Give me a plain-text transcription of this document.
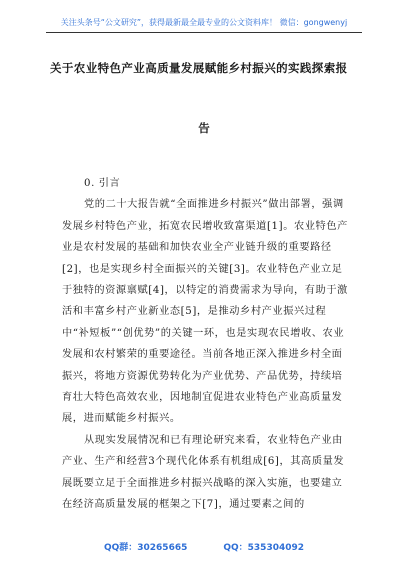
关注头条号“公文研究”，获得最新最全最专业的公文资料库！ 微信：gongwenyj
关于农业特色产业高质量发展赋能乡村振兴的实践探索报
告

0. 引言

党的二十大报告就“全面推进乡村振兴”做出部署，强调发展乡村特色产业，拓宽农民增收致富渠道[1]。农业特色产业是农村发展的基础和加快农业全产业链升级的重要路径[2]，也是实现乡村全面振兴的关键[3]。农业特色产业立足于独特的资源禀赋[4]，以特定的消费需求为导向，有助于激活和丰富乡村产业新业态[5]，是推动乡村产业振兴过程中“补短板”“创优势”的关键一环，也是实现农民增收、农业发展和农村繁荣的重要途径。当前各地正深入推进乡村全面振兴，将地方资源优势转化为产业优势、产品优势，持续培育壮大特色高效农业，因地制宜促进农业特色产业高质量发展，进而赋能乡村振兴。

从现实发展情况和已有理论研究来看，农业特色产业由产业、生产和经营3个现代化体系有机组成[6]，其高质量发展既要立足于全面推进乡村振兴战略的深入实施，也要建立在经济高质量发展的框架之下[7]，通过要素之间的

QQ群：30265665	QQ：535304092
